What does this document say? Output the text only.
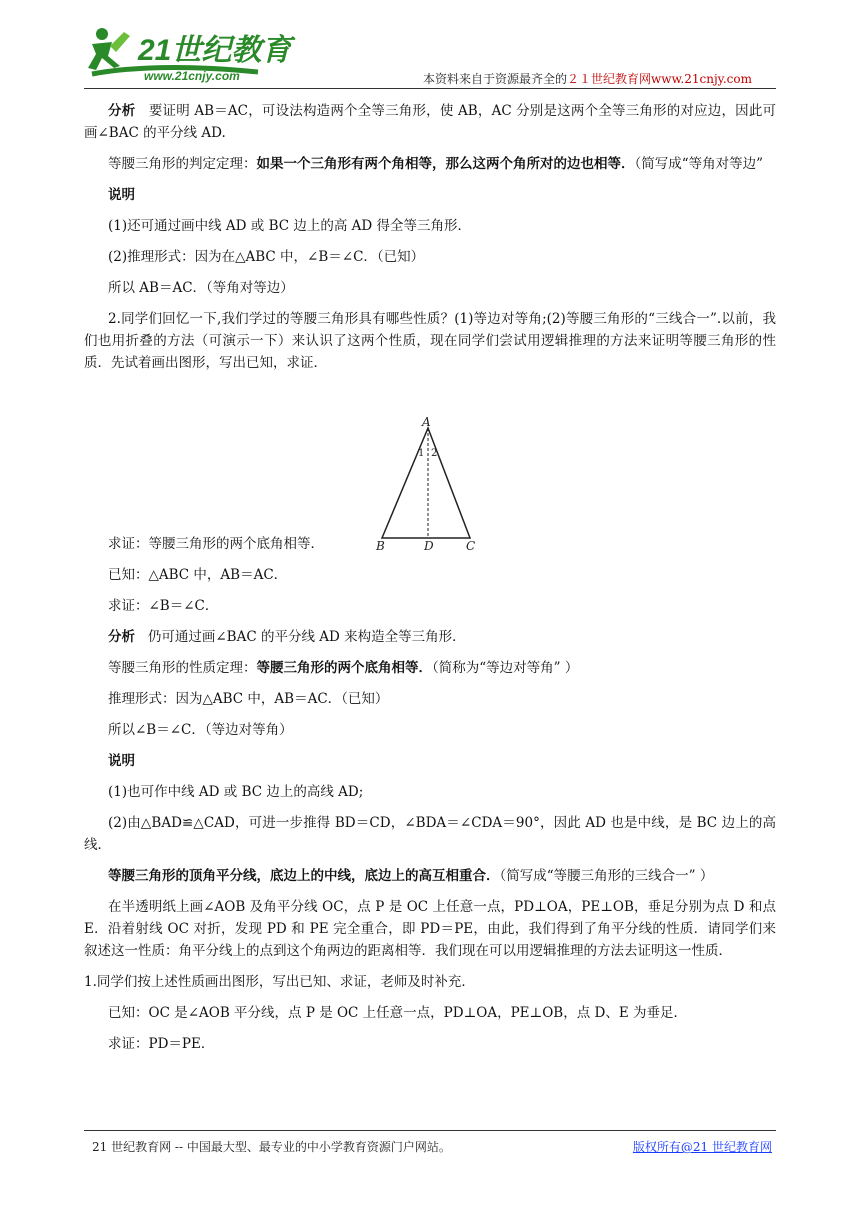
21世纪教育
www.21cnjy.com	本资料来自于资源最齐全的２１世纪教育网www.21cnjy.com

分析 要证明 AB＝AC，可设法构造两个全等三角形，使 AB，AC 分别是这两个全等三角形的对应边，因此可画∠BAC 的平分线 AD.

等腰三角形的判定定理：如果一个三角形有两个角相等，那么这两个角所对的边也相等．（简写成“等角对等边”

说明

(1)还可通过画中线 AD 或 BC 边上的高 AD 得全等三角形．

(2)推理形式：因为在△ABC 中，∠B＝∠C．（已知）

所以 AB＝AC．（等角对等边）

2.同学们回忆一下,我们学过的等腰三角形具有哪些性质？(1)等边对等角;(2)等腰三角形的“三线合一”.以前，我们也用折叠的方法（可演示一下）来认识了这两个性质，现在同学们尝试用逻辑推理的方法来证明等腰三角形的性质．先试着画出图形，写出已知，求证．

求证：等腰三角形的两个底角相等．

已知：△ABC 中，AB＝AC．

求证：∠B＝∠C．

分析 仍可通过画∠BAC 的平分线 AD 来构造全等三角形．

等腰三角形的性质定理：等腰三角形的两个底角相等．（简称为“等边对等角” ）

推理形式：因为△ABC 中，AB＝AC．（已知）

所以∠B＝∠C．（等边对等角）

说明

(1)也可作中线 AD 或 BC 边上的高线 AD;

(2)由△BAD≌△CAD，可进一步推得 BD＝CD，∠BDA＝∠CDA＝90°，因此 AD 也是中线，是 BC 边上的高线．

等腰三角形的顶角平分线，底边上的中线，底边上的高互相重合．（简写成“等腰三角形的三线合一” ）

在半透明纸上画∠AOB 及角平分线 OC，点 P 是 OC 上任意一点，PD⊥OA，PE⊥OB，垂足分别为点 D 和点 E．沿着射线 OC 对折，发现 PD 和 PE 完全重合，即 PD＝PE，由此，我们得到了角平分线的性质．请同学们来叙述这一性质：角平分线上的点到这个角两边的距离相等．我们现在可以用逻辑推理的方法去证明这一性质．

1.同学们按上述性质画出图形，写出已知、求证，老师及时补充．

已知：OC 是∠AOB 平分线，点 P 是 OC 上任意一点，PD⊥OA，PE⊥OB，点 D、E 为垂足．

求证：PD＝PE．

A
B	C
D
1 2
21 世纪教育网 -- 中国最大型、最专业的中小学教育资源门户网站。	版权所有@21 世纪教育网
